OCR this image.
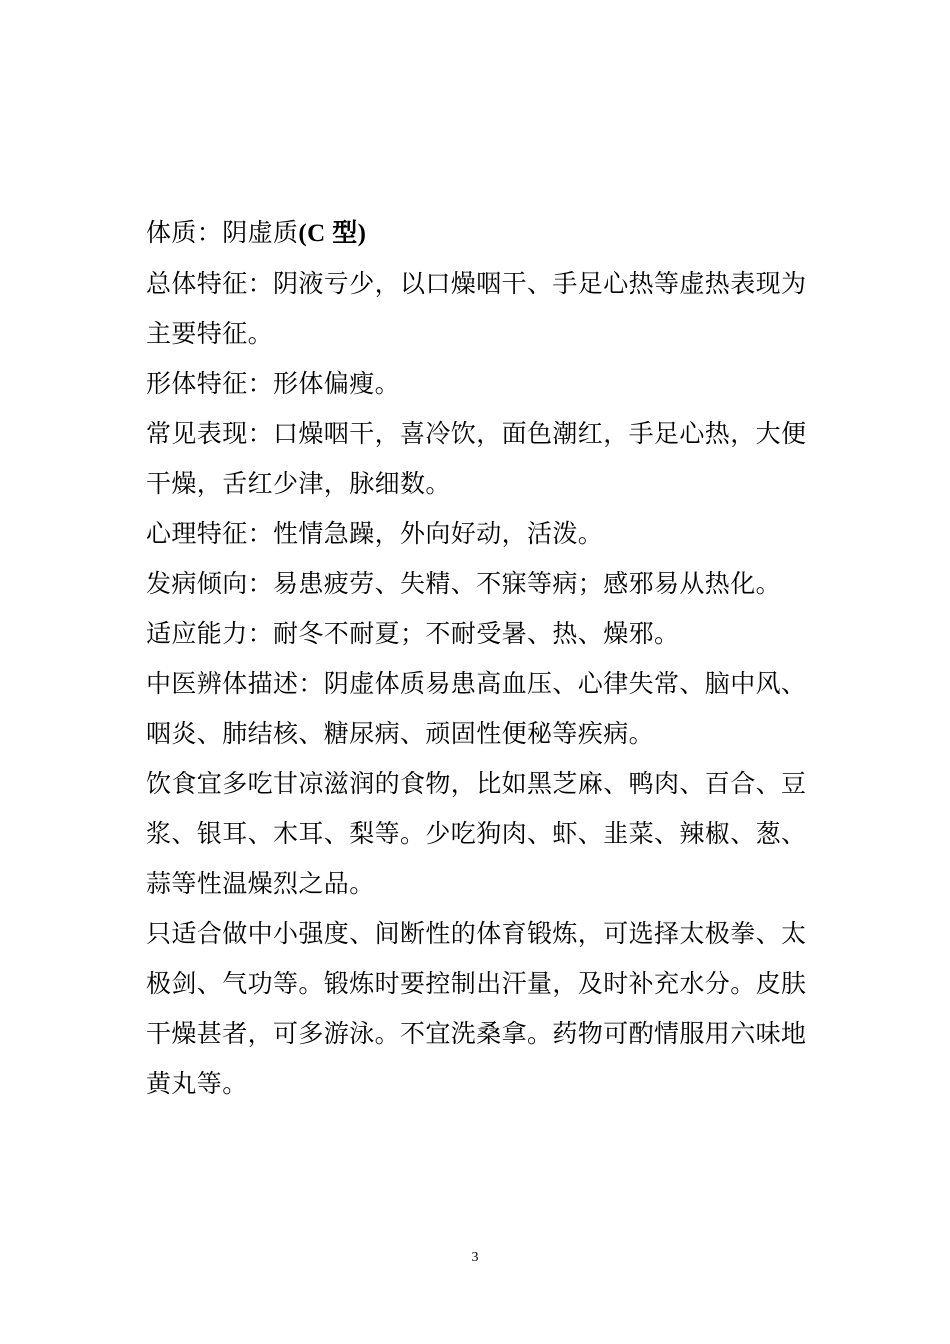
体质：阴虚质(C 型)

总体特征：阴液亏少，以口燥咽干、手足心热等虚热表现为主要特征。

形体特征：形体偏瘦。

常见表现：口燥咽干，喜冷饮，面色潮红，手足心热，大便干燥，舌红少津，脉细数。

心理特征：性情急躁，外向好动，活泼。

发病倾向：易患疲劳、失精、不寐等病；感邪易从热化。

适应能力：耐冬不耐夏；不耐受暑、热、燥邪。

中医辨体描述：阴虚体质易患高血压、心律失常、脑中风、咽炎、肺结核、糖尿病、顽固性便秘等疾病。

饮食宜多吃甘凉滋润的食物，比如黑芝麻、鸭肉、百合、豆浆、银耳、木耳、梨等。少吃狗肉、虾、韭菜、辣椒、葱、蒜等性温燥烈之品。

只适合做中小强度、间断性的体育锻炼，可选择太极拳、太极剑、气功等。锻炼时要控制出汗量，及时补充水分。皮肤干燥甚者，可多游泳。不宜洗桑拿。药物可酌情服用六味地黄丸等。

3
